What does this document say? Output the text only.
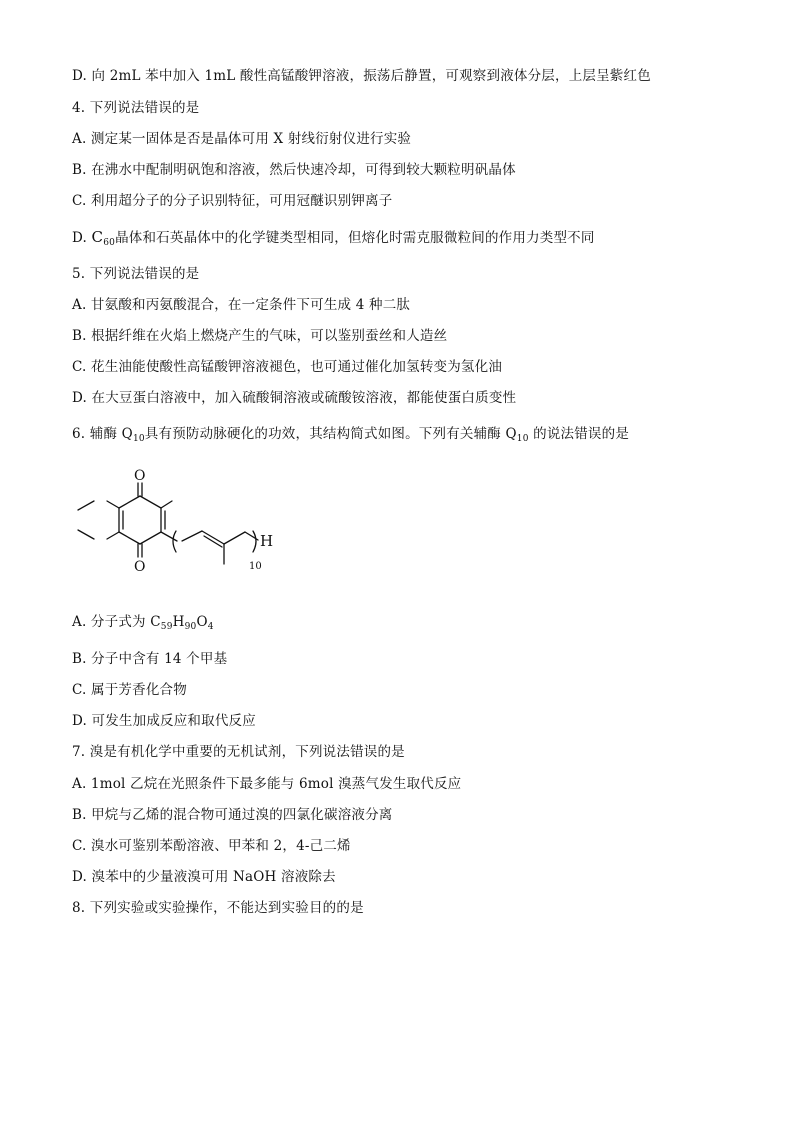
D. 向 2mL 苯中加入 1mL 酸性高锰酸钾溶液，振荡后静置，可观察到液体分层，上层呈紫红色
4. 下列说法错误的是
A. 测定某一固体是否是晶体可用 X 射线衍射仪进行实验
B. 在沸水中配制明矾饱和溶液，然后快速冷却，可得到较大颗粒明矾晶体
C. 利用超分子的分子识别特征，可用冠醚识别钾离子
D. $C_{60}$晶体和石英晶体中的化学键类型相同，但熔化时需克服微粒间的作用力类型不同
5. 下列说法错误的是
A. 甘氨酸和丙氨酸混合，在一定条件下可生成 4 种二肽
B. 根据纤维在火焰上燃烧产生的气味，可以鉴别蚕丝和人造丝
C. 花生油能使酸性高锰酸钾溶液褪色，也可通过催化加氢转变为氢化油
D. 在大豆蛋白溶液中，加入硫酸铜溶液或硫酸铵溶液，都能使蛋白质变性
6. 辅酶 $Q_{10}$具有预防动脉硬化的功效，其结构简式如图。下列有关辅酶 $Q_{10}$ 的说法错误的是
O
O
H
10
A. 分子式为 $C_{59}H_{90}O_4$
B. 分子中含有 14 个甲基
C. 属于芳香化合物
D. 可发生加成反应和取代反应
7. 溴是有机化学中重要的无机试剂，下列说法错误的是
A. 1mol 乙烷在光照条件下最多能与 6mol 溴蒸气发生取代反应
B. 甲烷与乙烯的混合物可通过溴的四氯化碳溶液分离
C. 溴水可鉴别苯酚溶液、甲苯和 2，4-己二烯
D. 溴苯中的少量液溴可用 NaOH 溶液除去
8. 下列实验或实验操作，不能达到实验目的的是
